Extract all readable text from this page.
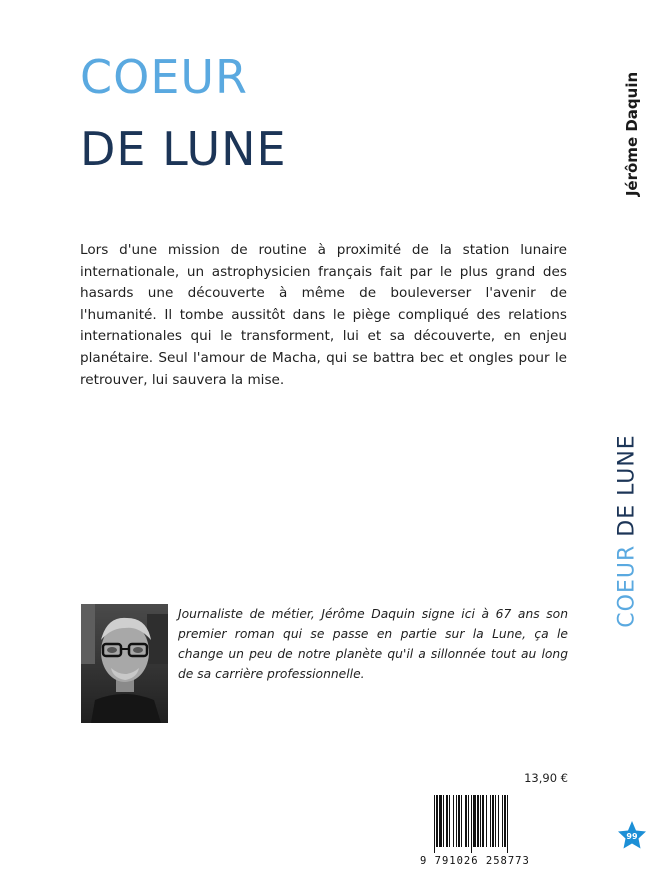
COEUR
DE LUNE	Jérôme Daquin
COEUR DE LUNE

Lors d'une mission de routine à proximité de la station lunaire internationale, un astrophysicien français fait par le plus grand des hasards une découverte à même de bouleverser l'avenir de l'humanité. Il tombe aussitôt dans le piège compliqué des relations internationales qui le transforment, lui et sa découverte, en enjeu planétaire. Seul l'amour de Macha, qui se battra bec et ongles pour le retrouver, lui sauvera la mise.

Journaliste de métier, Jérôme Daquin signe ici à 67 ans son premier roman qui se passe en partie sur la Lune, ça le change un peu de notre planète qu'il a sillonnée tout au long de sa carrière professionnelle.

13,90 €
9 791026 258773
99
